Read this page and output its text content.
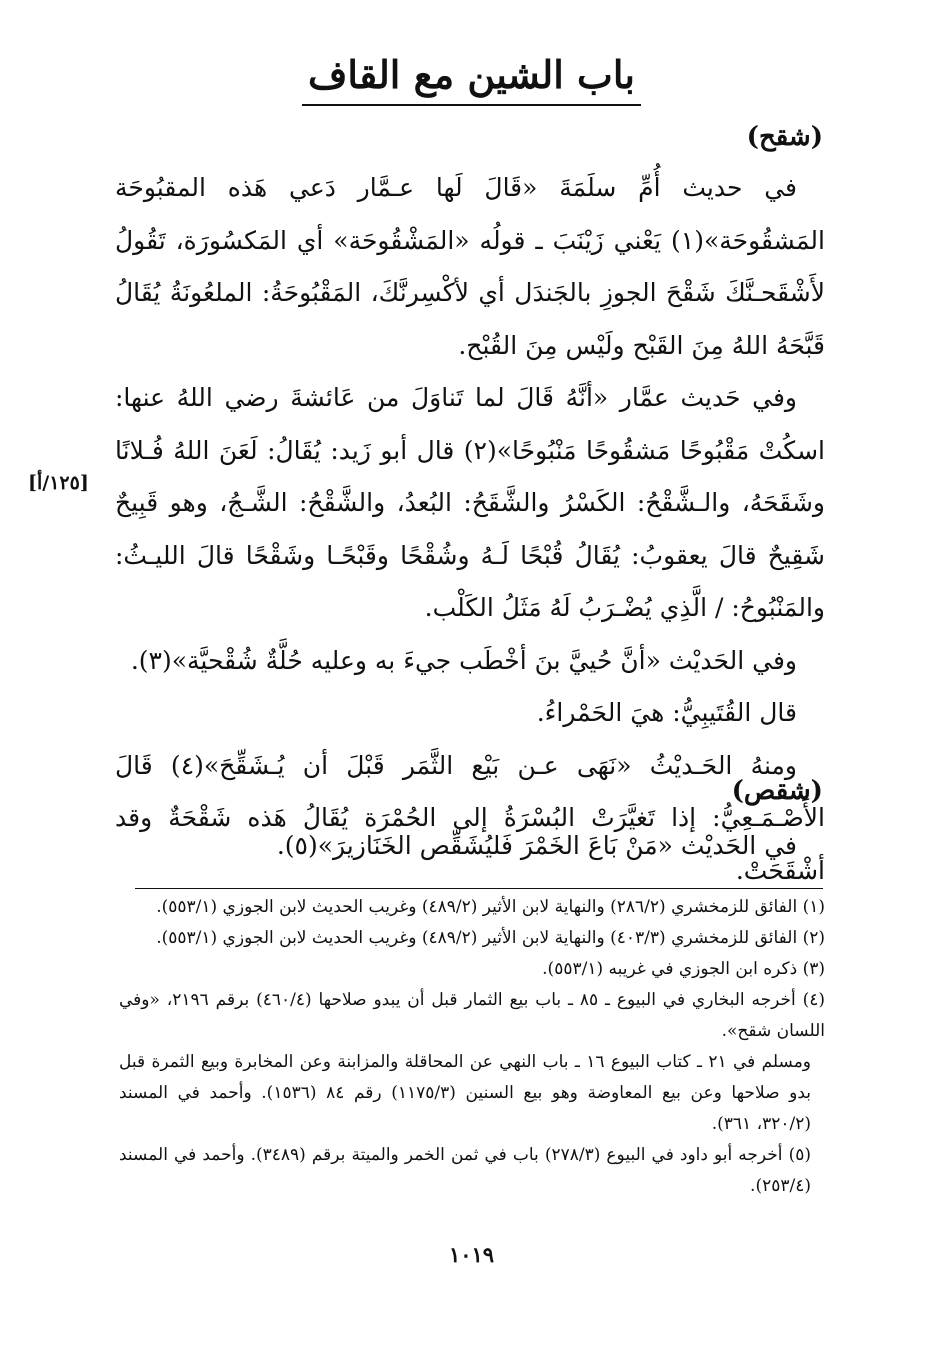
باب الشين مع القاف
(شقح)

في حديث أُمِّ سلَمَةَ «قَالَ لَها عـمَّار دَعي هَذه المقبُوحَة المَشقُوحَة»(١) يَعْني زَيْنَبَ ـ قولُه «المَشْقُوحَة» أي المَكسُورَة، تَقُولُ لأَشْقَحـنَّكَ شَقْحَ الجوزِ بالجَندَل أي لأكْسِرنَّكَ، المَقْبُوحَةُ: الملعُونَةُ يُقَالُ قَبَّحَهُ اللهُ مِنَ القَبْح ولَيْس مِنَ القُبْح.

وفي حَديث عمَّار «أنَّهُ قَالَ لما تَناوَلَ من عَائشةَ رضي اللهُ عنها: اسكُتْ مَقْبُوحًا مَشقُوحًا مَنْبُوحًا»(٢) قال أبو زَيد: يُقَالُ: لَعَنَ اللهُ فُـلانًا وشَقَحَهُ، والـشَّقْحُ: الكَسْرُ والشَّقَحُ: البُعدُ، والشَّقْحُ: الشَّـجُ، وهو قَبِيحٌ شَقِيحٌ قالَ يعقوبُ: يُقَالُ قُبْحًا لَـهُ وشُقْحًا وقَبْحًـا وشَقْحًا قالَ الليـثُ: والمَنْبُوحُ: / الَّذِي يُضْـرَبُ لَهُ مَثَلُ الكَلْب.

وفي الحَديْث «أنَّ حُييَّ بنَ أخْطَب جيءَ به وعليه حُلَّةٌ شُقْحيَّة»(٣).

قال القُتَيبِيُّ: هيَ الحَمْراءُ.

ومنهُ الحَـديْثُ «نَهَى عـن بَيْع الثَّمَر قَبْلَ أن يُـشَقِّحَ»(٤) قَالَ الأَصْـمَـعِيُّ: إذا تَغيَّرَتْ البُسْرَةُ إلى الحُمْرَة يُقَالُ هَذه شَقْحَةٌ وقد أشْقَحَتْ.

[١٢٥/أ]
(شقص)

في الحَديْث «مَنْ بَاعَ الخَمْرَ فَليُشَقِّص الخَنَازيرَ»(٥).

(١) الفائق للزمخشري (٢٨٦/٢) والنهاية لابن الأثير (٤٨٩/٢) وغريب الحديث لابن الجوزي (٥٥٣/١).

(٢) الفائق للزمخشري (٤٠٣/٣) والنهاية لابن الأثير (٤٨٩/٢) وغريب الحديث لابن الجوزي (٥٥٣/١).

(٣) ذكره ابن الجوزي في غريبه (٥٥٣/١).

(٤) أخرجه البخاري في البيوع ـ ٨٥ ـ باب بيع الثمار قبل أن يبدو صلاحها (٤٦٠/٤) برقم ٢١٩٦، «وفي اللسان شقح».

ومسلم في ٢١ ـ كتاب البيوع ١٦ ـ باب النهي عن المحاقلة والمزابنة وعن المخابرة وبيع الثمرة قبل بدو صلاحها وعن بيع المعاوضة وهو بيع السنين (١١٧٥/٣) رقم ٨٤ (١٥٣٦). وأحمد في المسند (٣٢٠/٢، ٣٦١).

(٥) أخرجه أبو داود في البيوع (٢٧٨/٣) باب في ثمن الخمر والميتة برقم (٣٤٨٩). وأحمد في المسند (٢٥٣/٤).

١٠١٩
